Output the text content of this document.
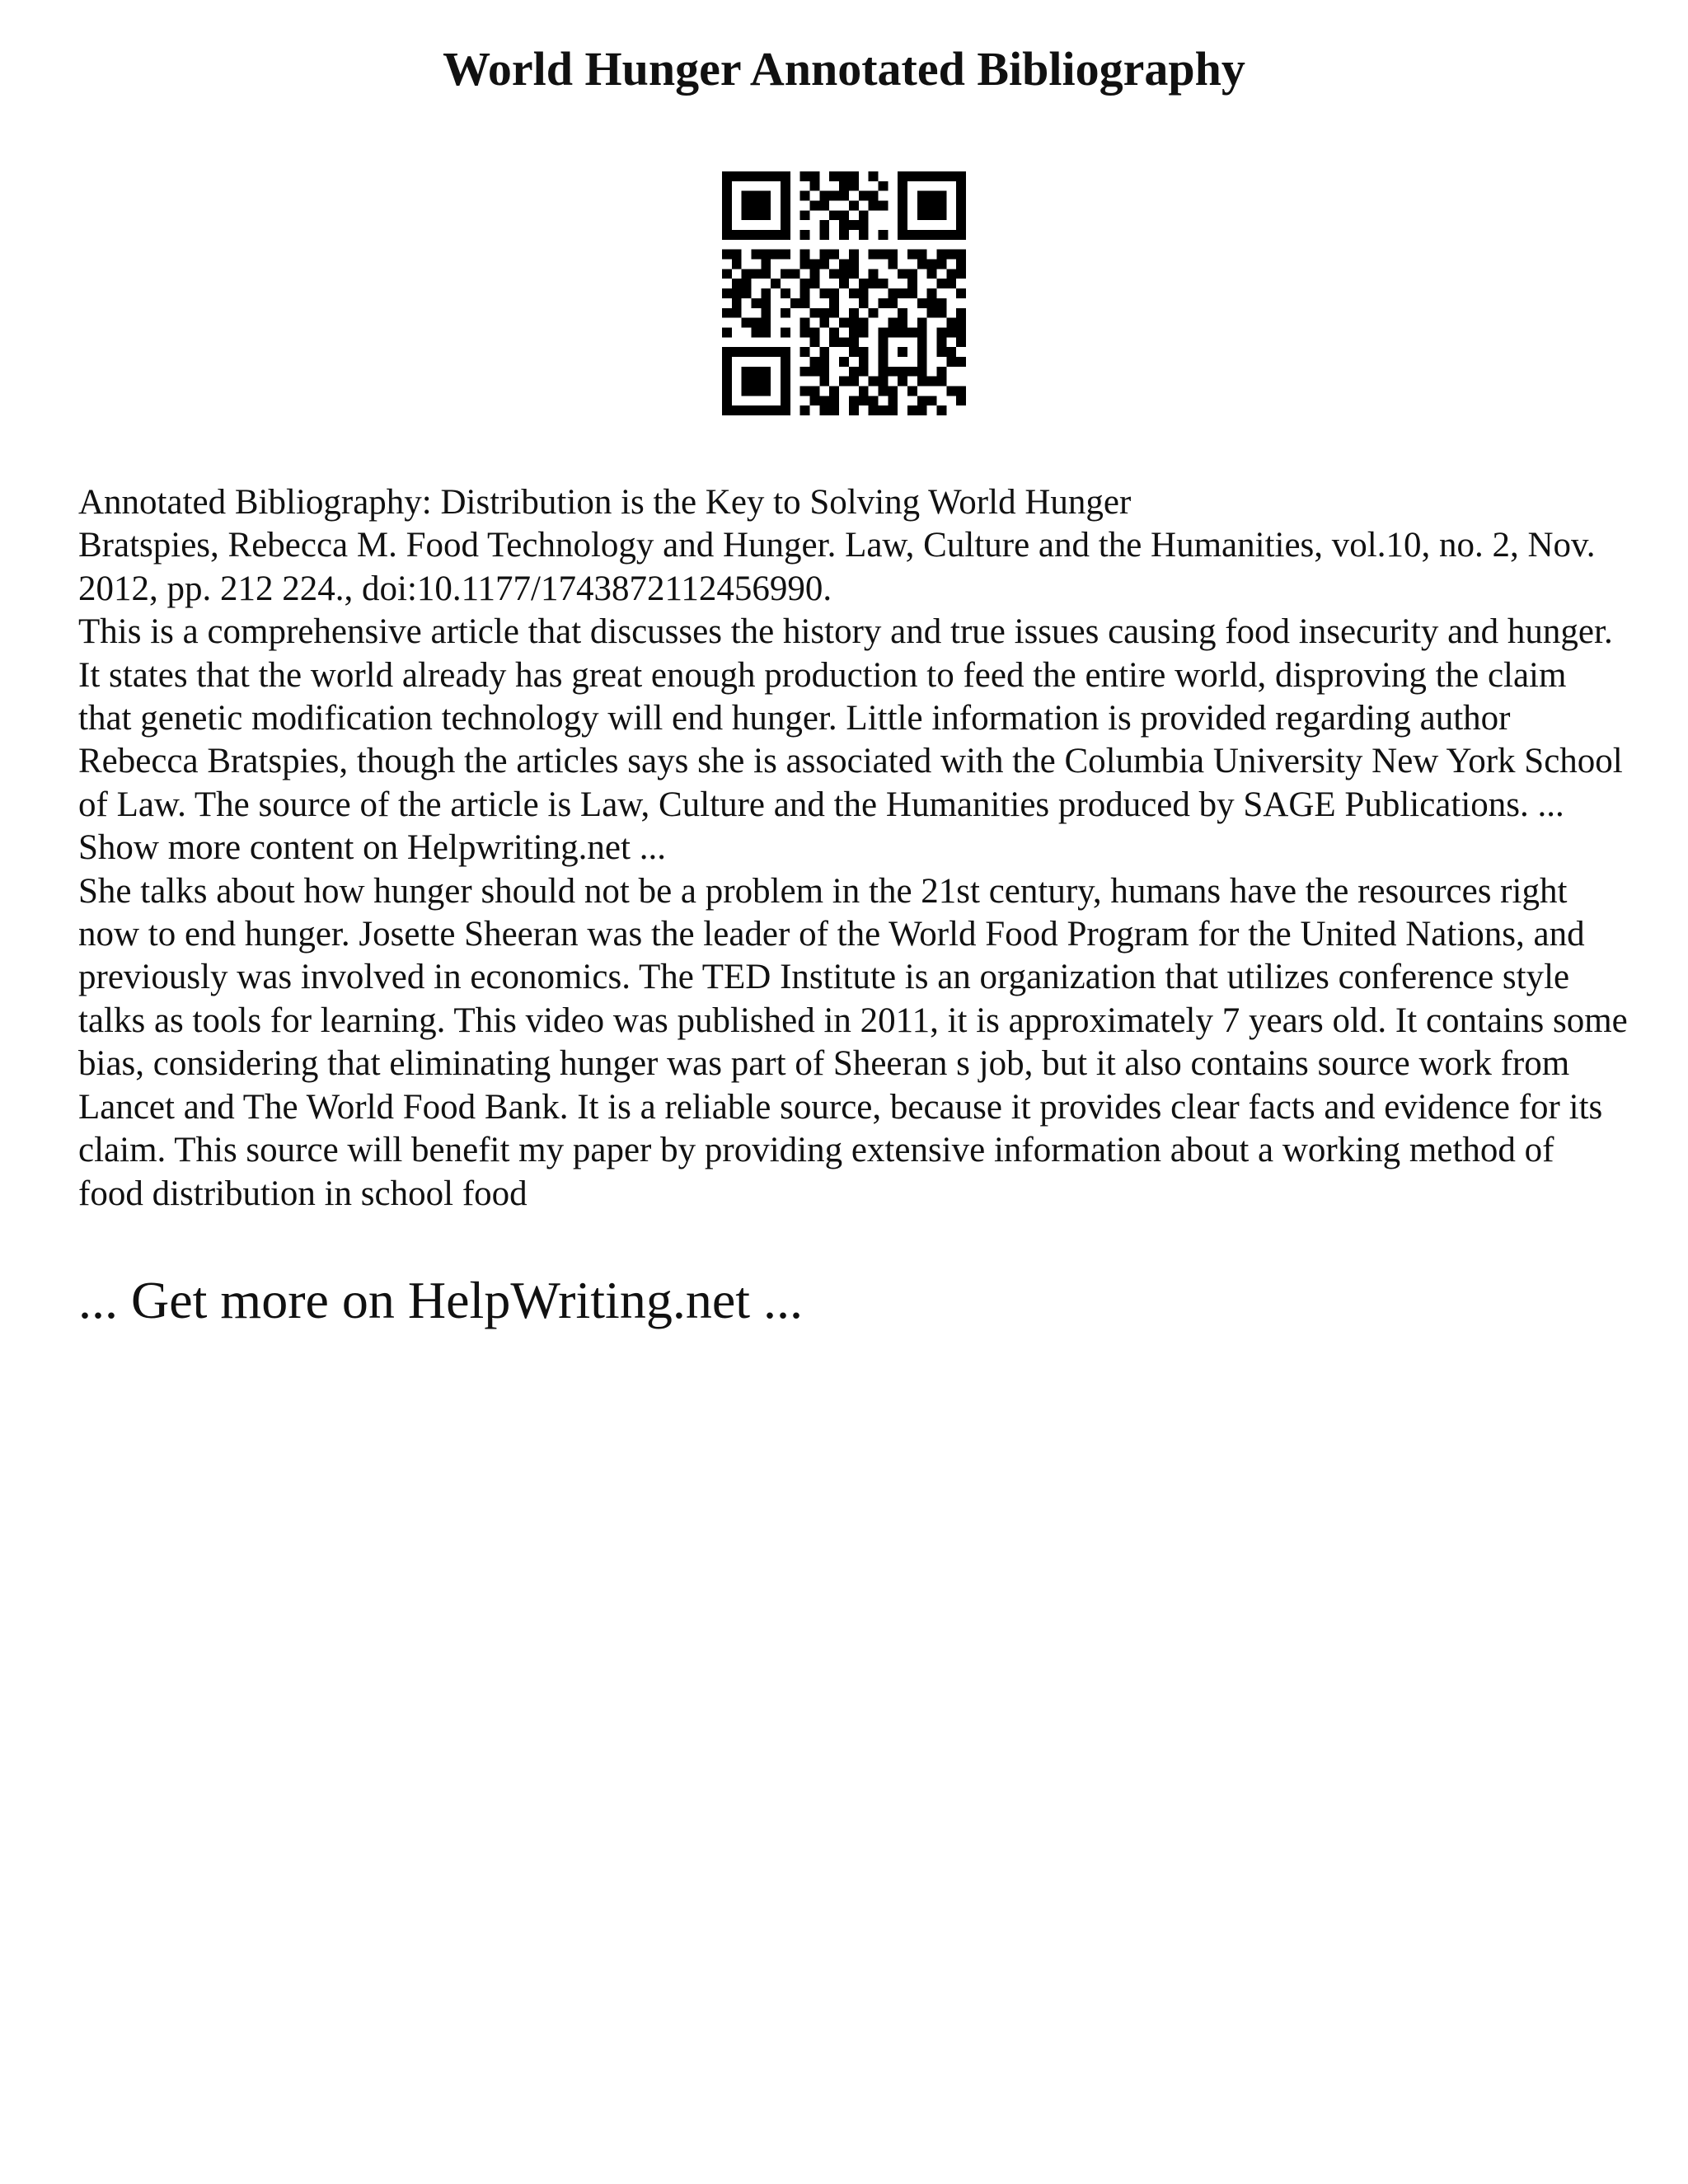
World Hunger Annotated Bibliography

Annotated Bibliography: Distribution is the Key to Solving World Hunger

Bratspies, Rebecca M. Food Technology and Hunger. Law, Culture and the Humanities, vol.10, no. 2, Nov. 2012, pp. 212 224., doi:10.1177/1743872112456990.

This is a comprehensive article that discusses the history and true issues causing food insecurity and hunger. It states that the world already has great enough production to feed the entire world, disproving the claim that genetic modification technology will end hunger. Little information is provided regarding author Rebecca Bratspies, though the articles says she is associated with the Columbia University New York School of Law. The source of the article is Law, Culture and the Humanities produced by SAGE Publications. ... Show more content on Helpwriting.net ...

She talks about how hunger should not be a problem in the 21st century, humans have the resources right now to end hunger. Josette Sheeran was the leader of the World Food Program for the United Nations, and previously was involved in economics. The TED Institute is an organization that utilizes conference style talks as tools for learning. This video was published in 2011, it is approximately 7 years old. It contains some bias, considering that eliminating hunger was part of Sheeran s job, but it also contains source work from Lancet and The World Food Bank. It is a reliable source, because it provides clear facts and evidence for its claim. This source will benefit my paper by providing extensive information about a working method of food distribution in school food

... Get more on HelpWriting.net ...
